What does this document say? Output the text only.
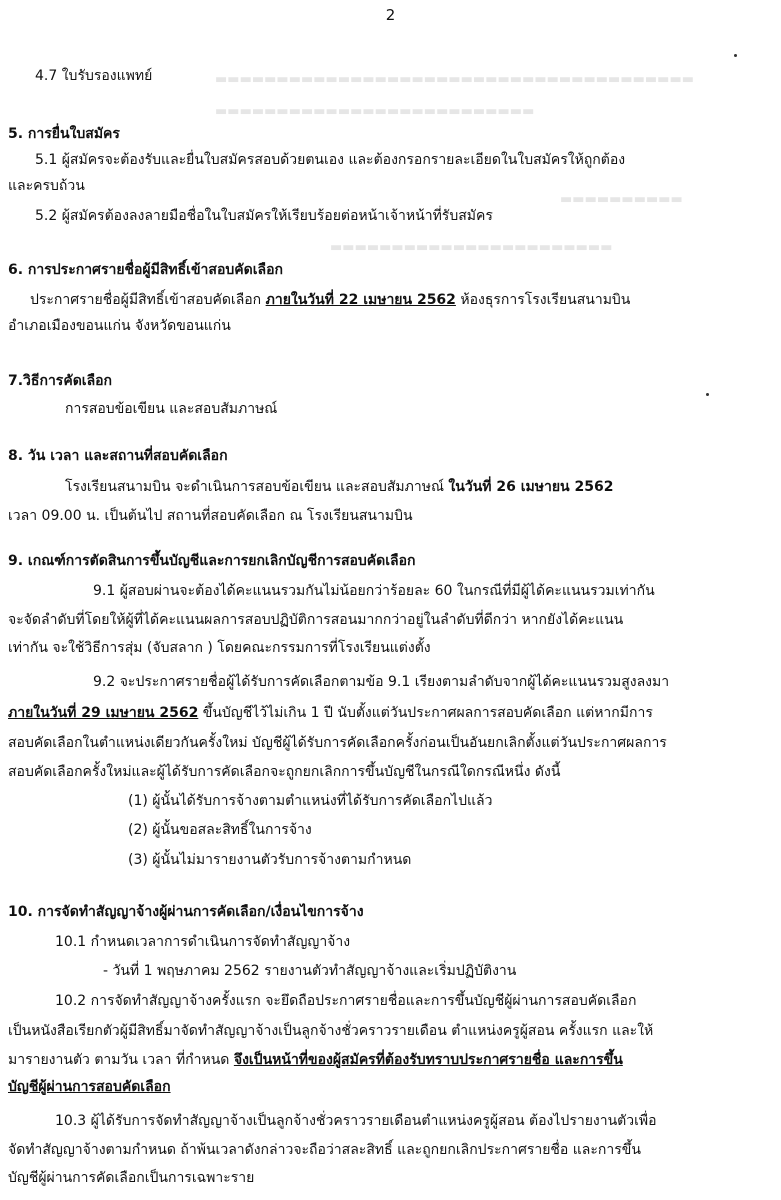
2
▬▬▬▬▬▬▬▬▬▬▬▬▬▬▬▬▬▬▬▬▬▬▬▬▬▬▬▬▬▬▬▬▬▬▬▬▬▬▬
▬▬▬▬▬▬▬▬▬▬▬▬▬▬▬▬▬▬▬▬▬▬▬▬▬▬
▬▬▬▬▬▬▬▬▬▬
▬▬▬▬▬▬▬▬▬▬▬▬▬▬▬▬▬▬▬▬▬▬▬
4.7 ใบรับรองแพทย์
5. การยื่นใบสมัคร
5.1 ผู้สมัครจะต้องรับและยื่นใบสมัครสอบด้วยตนเอง และต้องกรอกรายละเอียดในใบสมัครให้ถูกต้อง
และครบถ้วน
5.2 ผู้สมัครต้องลงลายมือชื่อในใบสมัครให้เรียบร้อยต่อหน้าเจ้าหน้าที่รับสมัคร
6. การประกาศรายชื่อผู้มีสิทธิ์เข้าสอบคัดเลือก
ประกาศรายชื่อผู้มีสิทธิ์เข้าสอบคัดเลือก ภายในวันที่ 22 เมษายน 2562 ห้องธุรการโรงเรียนสนามบิน
อำเภอเมืองขอนแก่น จังหวัดขอนแก่น
7.วิธีการคัดเลือก
การสอบข้อเขียน และสอบสัมภาษณ์
8. วัน เวลา และสถานที่สอบคัดเลือก
โรงเรียนสนามบิน จะดำเนินการสอบข้อเขียน และสอบสัมภาษณ์ ในวันที่ 26 เมษายน 2562
เวลา 09.00 น. เป็นต้นไป สถานที่สอบคัดเลือก ณ โรงเรียนสนามบิน
9. เกณฑ์การตัดสินการขึ้นบัญชีและการยกเลิกบัญชีการสอบคัดเลือก
9.1 ผู้สอบผ่านจะต้องได้คะแนนรวมกันไม่น้อยกว่าร้อยละ 60 ในกรณีที่มีผู้ได้คะแนนรวมเท่ากัน
จะจัดลำดับที่โดยให้ผู้ที่ได้คะแนนผลการสอบปฏิบัติการสอนมากกว่าอยู่ในลำดับที่ดีกว่า หากยังได้คะแนน
เท่ากัน จะใช้วิธีการสุ่ม (จับสลาก ) โดยคณะกรรมการที่โรงเรียนแต่งตั้ง
9.2 จะประกาศรายชื่อผู้ได้รับการคัดเลือกตามข้อ 9.1 เรียงตามลำดับจากผู้ได้คะแนนรวมสูงลงมา
ภายในวันที่ 29 เมษายน 2562 ขึ้นบัญชีไว้ไม่เกิน 1 ปี นับตั้งแต่วันประกาศผลการสอบคัดเลือก แต่หากมีการ
สอบคัดเลือกในตำแหน่งเดียวกันครั้งใหม่ บัญชีผู้ได้รับการคัดเลือกครั้งก่อนเป็นอันยกเลิกตั้งแต่วันประกาศผลการ
สอบคัดเลือกครั้งใหม่และผู้ได้รับการคัดเลือกจะถูกยกเลิกการขึ้นบัญชีในกรณีใดกรณีหนึ่ง ดังนี้
(1) ผู้นั้นได้รับการจ้างตามตำแหน่งที่ได้รับการคัดเลือกไปแล้ว
(2) ผู้นั้นขอสละสิทธิ์ในการจ้าง
(3) ผู้นั้นไม่มารายงานตัวรับการจ้างตามกำหนด
10. การจัดทำสัญญาจ้างผู้ผ่านการคัดเลือก/เงื่อนไขการจ้าง
10.1 กำหนดเวลาการดำเนินการจัดทำสัญญาจ้าง
- วันที่ 1 พฤษภาคม 2562 รายงานตัวทำสัญญาจ้างและเริ่มปฏิบัติงาน
10.2 การจัดทำสัญญาจ้างครั้งแรก จะยึดถือประกาศรายชื่อและการขึ้นบัญชีผู้ผ่านการสอบคัดเลือก
เป็นหนังสือเรียกตัวผู้มีสิทธิ์มาจัดทำสัญญาจ้างเป็นลูกจ้างชั่วคราวรายเดือน ตำแหน่งครูผู้สอน ครั้งแรก และให้
มารายงานตัว ตามวัน เวลา ที่กำหนด จึงเป็นหน้าที่ของผู้สมัครที่ต้องรับทราบประกาศรายชื่อ และการขึ้น
บัญชีผู้ผ่านการสอบคัดเลือก
10.3 ผู้ได้รับการจัดทำสัญญาจ้างเป็นลูกจ้างชั่วคราวรายเดือนตำแหน่งครูผู้สอน ต้องไปรายงานตัวเพื่อ
จัดทำสัญญาจ้างตามกำหนด ถ้าพ้นเวลาดังกล่าวจะถือว่าสละสิทธิ์ และถูกยกเลิกประกาศรายชื่อ และการขึ้น
บัญชีผู้ผ่านการคัดเลือกเป็นการเฉพาะราย
